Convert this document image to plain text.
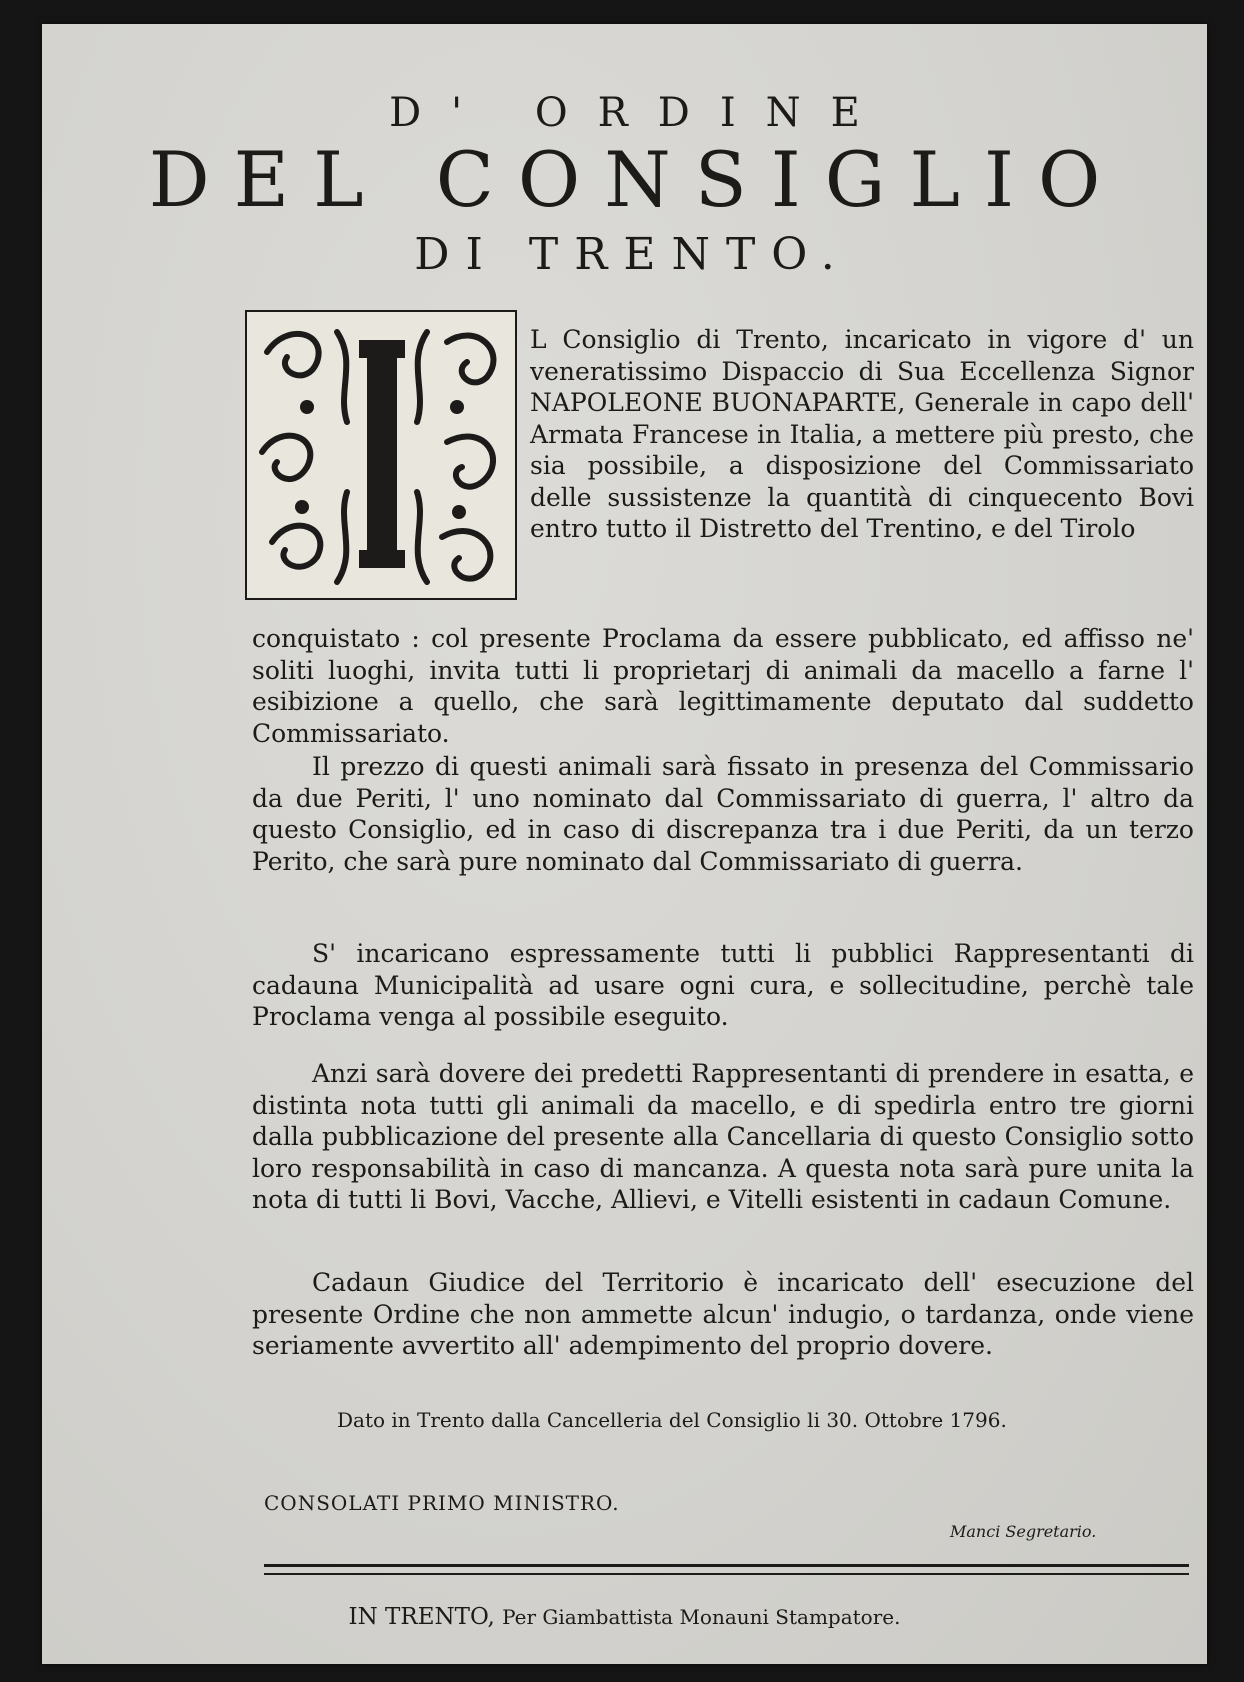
D' ORDINE
DEL CONSIGLIO
DI TRENTO.
L Consiglio di Trento, incaricato in vigore d' un veneratissimo Dispaccio di Sua Eccellenza Signor NAPOLEONE BUONAPARTE, Generale in capo dell' Armata Francese in Italia, a mettere più presto, che sia possibile, a disposizione del Commissariato delle sussistenze la quantità di cinquecento Bovi entro tutto il Distretto del Trentino, e del Tirolo
conquistato : col presente Proclama da essere pubblicato, ed affisso ne' soliti luoghi, invita tutti li proprietarj di animali da macello a farne l' esibizione a quello, che sarà legittimamente deputato dal suddetto Commissariato.
Il prezzo di questi animali sarà fissato in presenza del Commissario da due Periti, l' uno nominato dal Commissariato di guerra, l' altro da questo Consiglio, ed in caso di discrepanza tra i due Periti, da un terzo Perito, che sarà pure nominato dal Commissariato di guerra.
S' incaricano espressamente tutti li pubblici Rappresentanti di cadauna Municipalità ad usare ogni cura, e sollecitudine, perchè tale Proclama venga al possibile eseguito.
Anzi sarà dovere dei predetti Rappresentanti di prendere in esatta, e distinta nota tutti gli animali da macello, e di spedirla entro tre giorni dalla pubblicazione del presente alla Cancellaria di questo Consiglio sotto loro responsabilità in caso di mancanza. A questa nota sarà pure unita la nota di tutti li Bovi, Vacche, Allievi, e Vitelli esistenti in cadaun Comune.
Cadaun Giudice del Territorio è incaricato dell' esecuzione del presente Ordine che non ammette alcun' indugio, o tardanza, onde viene seriamente avvertito all' adempimento del proprio dovere.
Dato in Trento dalla Cancelleria del Consiglio li 30. Ottobre 1796.
CONSOLATI PRIMO MINISTRO.
Manci Segretario.
IN TRENTO, Per Giambattista Monauni Stampatore.
